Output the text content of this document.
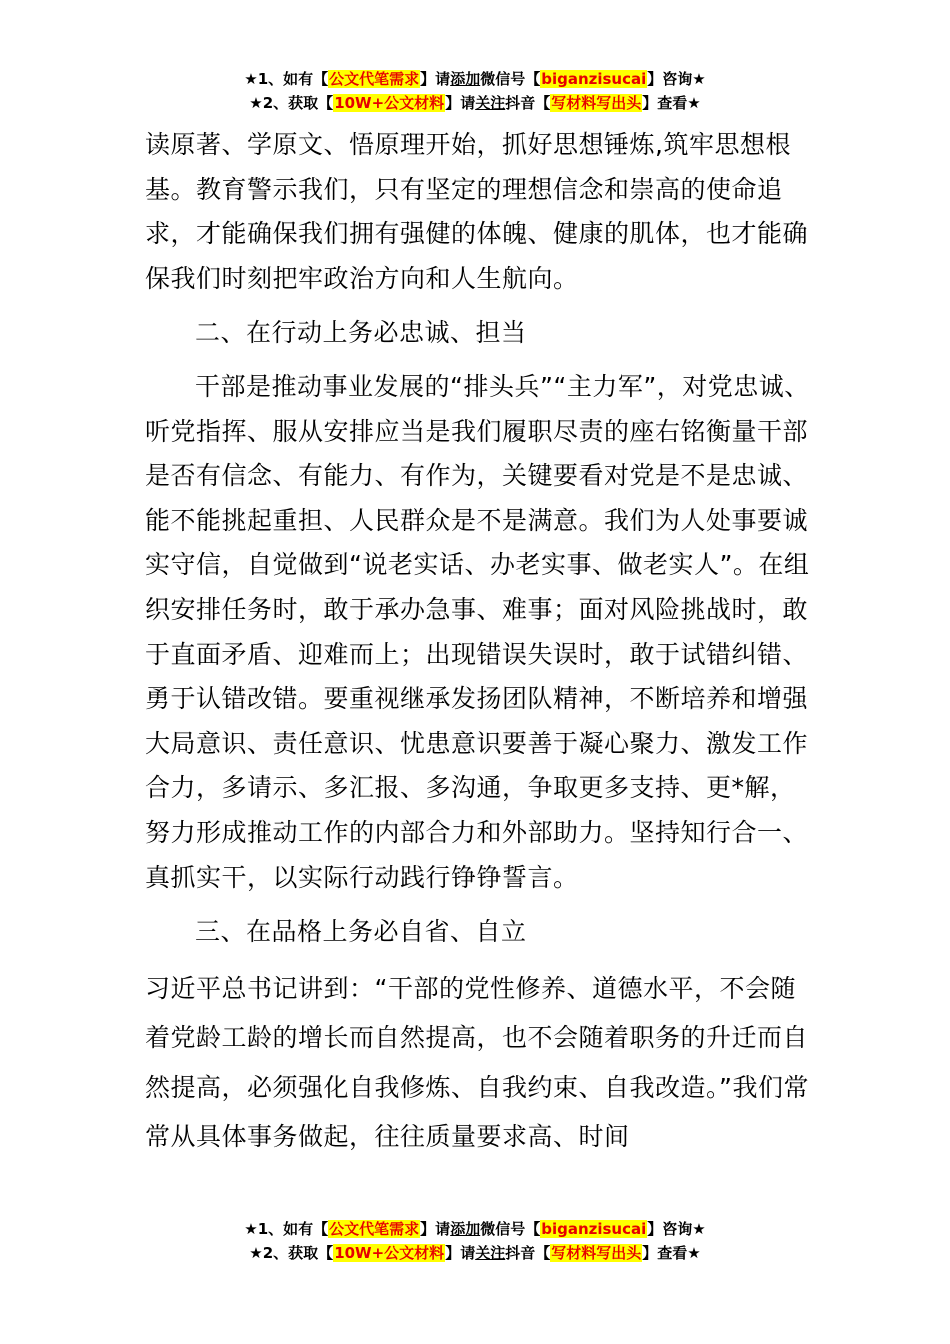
★1、如有【公文代笔需求】请添加微信号【biganzisucai】咨询★
★2、获取【10W+公文材料】请关注抖音【写材料写出头】查看★

读原著、学原文、悟原理开始，抓好思想锤炼,筑牢思想根基。教育警示我们，只有坚定的理想信念和崇高的使命追求，才能确保我们拥有强健的体魄、健康的肌体，也才能确保我们时刻把牢政治方向和人生航向。

二、在行动上务必忠诚、担当

干部是推动事业发展的“排头兵”“主力军”，对党忠诚、听党指挥、服从安排应当是我们履职尽责的座右铭衡量干部是否有信念、有能力、有作为，关键要看对党是不是忠诚、能不能挑起重担、人民群众是不是满意。我们为人处事要诚实守信，自觉做到“说老实话、办老实事、做老实人”。在组织安排任务时，敢于承办急事、难事；面对风险挑战时，敢于直面矛盾、迎难而上；出现错误失误时，敢于试错纠错、勇于认错改错。要重视继承发扬团队精神，不断培养和增强大局意识、责任意识、忧患意识要善于凝心聚力、激发工作合力，多请示、多汇报、多沟通，争取更多支持、更*解，努力形成推动工作的内部合力和外部助力。坚持知行合一、真抓实干，以实际行动践行铮铮誓言。

三、在品格上务必自省、自立

习近平总书记讲到：“干部的党性修养、道德水平，不会随着党龄工龄的增长而自然提高，也不会随着职务的升迁而自然提高，必须强化自我修炼、自我约束、自我改造。”我们常常从具体事务做起，往往质量要求高、时间

★1、如有【公文代笔需求】请添加微信号【biganzisucai】咨询★
★2、获取【10W+公文材料】请关注抖音【写材料写出头】查看★
